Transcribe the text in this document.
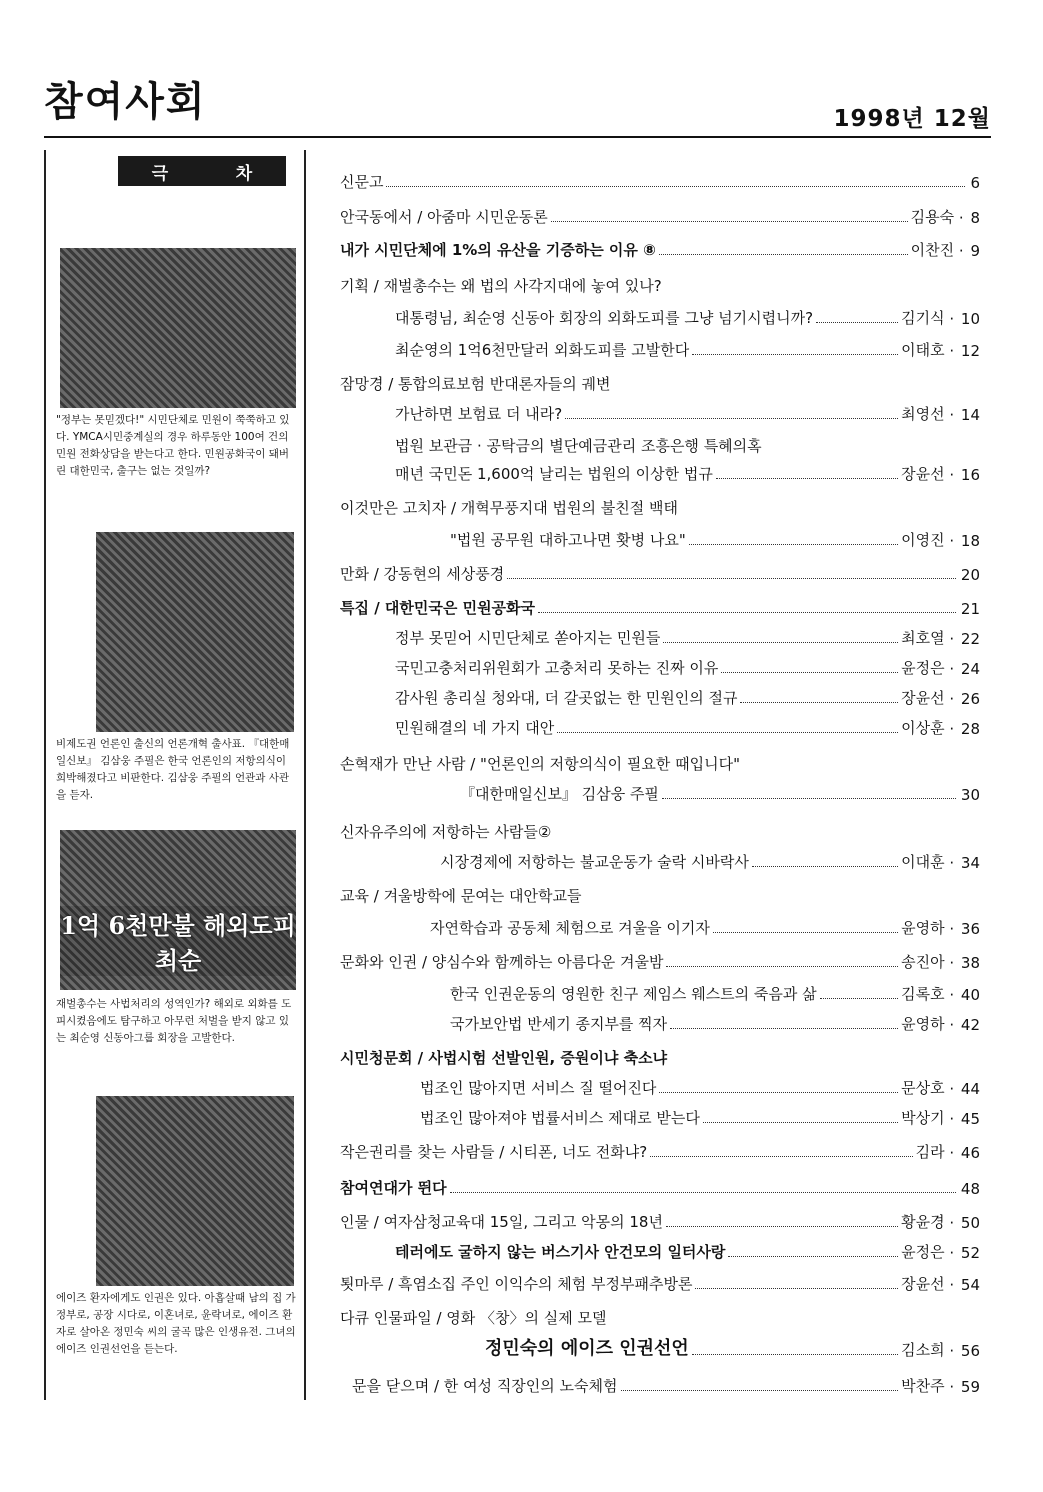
참여사회	1998년 12월
극	차
"정부는 못믿겠다!" 시민단체로 민원이 쭉쭉하고 있다. YMCA시민중계실의 경우 하루동안 100여 건의 민원 전화상담을 받는다고 한다. 민원공화국이 돼버린 대한민국, 출구는 없는 것일까?
비제도권 언론인 출신의 언론개혁 출사표. 『대한매일신보』 김삼웅 주필은 한국 언론인의 저항의식이 희박해졌다고 비판한다. 김삼웅 주필의 언관과 사관을 듣자.
1억 6천만불 해외도피 최순
재벌총수는 사법처리의 성역인가? 해외로 외화를 도피시켰음에도 탐구하고 아무런 처벌을 받지 않고 있는 최순영 신동아그룹 회장을 고발한다.
에이즈 환자에게도 인권은 있다. 아홉살때 남의 집 가정부로, 공장 시다로, 이혼녀로, 윤락녀로, 에이즈 환자로 살아온 정민숙 씨의 굴곡 많은 인생유전. 그녀의 에이즈 인권선언을 듣는다.
신문고	6
안국동에서 / 아줌마 시민운동론	김용숙 · 8
내가 시민단체에 1%의 유산을 기증하는 이유 ⑧	이찬진 · 9
기획 / 재벌총수는 왜 법의 사각지대에 놓여 있나?
대통령님, 최순영 신동아 회장의 외화도피를 그냥 넘기시렵니까?	김기식 · 10
최순영의 1억6천만달러 외화도피를 고발한다	이태호 · 12
잠망경 / 통합의료보험 반대론자들의 궤변
가난하면 보험료 더 내라?	최영선 · 14
법원 보관금 · 공탁금의 별단예금관리 조흥은행 특혜의혹
매년 국민돈 1,600억 날리는 법원의 이상한 법규	장윤선 · 16
이것만은 고치자 / 개혁무풍지대 법원의 불친절 백태
"법원 공무원 대하고나면 홧병 나요"	이영진 · 18
만화 / 강동현의 세상풍경	20
특집 / 대한민국은 민원공화국	21
정부 못믿어 시민단체로 쏟아지는 민원들	최호열 · 22
국민고충처리위원회가 고충처리 못하는 진짜 이유	윤정은 · 24
감사원 총리실 청와대, 더 갈곳없는 한 민원인의 절규	장윤선 · 26
민원해결의 네 가지 대안	이상훈 · 28
손혁재가 만난 사람 / "언론인의 저항의식이 필요한 때입니다"
『대한매일신보』 김삼웅 주필	30
신자유주의에 저항하는 사람들②
시장경제에 저항하는 불교운동가 술락 시바락사	이대훈 · 34
교육 / 겨울방학에 문여는 대안학교들
자연학습과 공동체 체험으로 겨울을 이기자	윤영하 · 36
문화와 인권 / 양심수와 함께하는 아름다운 겨울밤	송진아 · 38
한국 인권운동의 영원한 친구 제임스 웨스트의 죽음과 삶	김록호 · 40
국가보안법 반세기 종지부를 찍자	윤영하 · 42
시민청문회 / 사법시험 선발인원, 증원이냐 축소냐
법조인 많아지면 서비스 질 떨어진다	문상호 · 44
법조인 많아져야 법률서비스 제대로 받는다	박상기 · 45
작은권리를 찾는 사람들 / 시티폰, 너도 전화냐?	김라 · 46
참여연대가 뛴다	48
인물 / 여자삼청교육대 15일, 그리고 악몽의 18년	황윤경 · 50
테러에도 굴하지 않는 버스기사 안건모의 일터사랑	윤정은 · 52
툇마루 / 흑염소집 주인 이익수의 체험 부정부패추방론	장윤선 · 54
다큐 인물파일 / 영화 〈창〉의 실제 모델
정민숙의 에이즈 인권선언	김소희 · 56
문을 닫으며 / 한 여성 직장인의 노숙체험	박찬주 · 59
